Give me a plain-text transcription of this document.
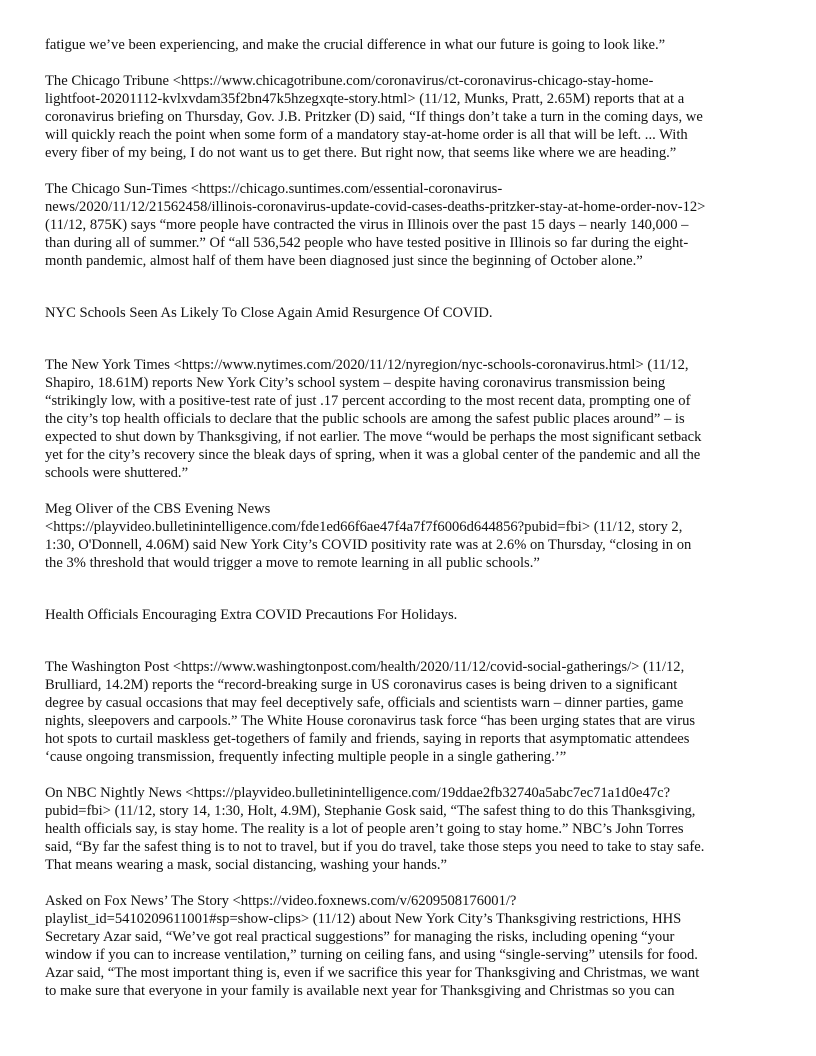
fatigue we’ve been experiencing, and make the crucial difference in what our future is going to look like.”

The Chicago Tribune <https://www.chicagotribune.com/coronavirus/ct-coronavirus-chicago-stay-home-
lightfoot-20201112-kvlxvdam35f2bn47k5hzegxqte-story.html> (11/12, Munks, Pratt, 2.65M) reports that at a
coronavirus briefing on Thursday, Gov. J.B. Pritzker (D) said, “If things don’t take a turn in the coming days, we
will quickly reach the point when some form of a mandatory stay-at-home order is all that will be left. ... With
every fiber of my being, I do not want us to get there. But right now, that seems like where we are heading.”

The Chicago Sun-Times <https://chicago.suntimes.com/essential-coronavirus-
news/2020/11/12/21562458/illinois-coronavirus-update-covid-cases-deaths-pritzker-stay-at-home-order-nov-12>
(11/12, 875K) says “more people have contracted the virus in Illinois over the past 15 days – nearly 140,000 –
than during all of summer.” Of “all 536,542 people who have tested positive in Illinois so far during the eight-
month pandemic, almost half of them have been diagnosed just since the beginning of October alone.”

NYC Schools Seen As Likely To Close Again Amid Resurgence Of COVID.

The New York Times <https://www.nytimes.com/2020/11/12/nyregion/nyc-schools-coronavirus.html> (11/12,
Shapiro, 18.61M) reports New York City’s school system – despite having coronavirus transmission being
“strikingly low, with a positive-test rate of just .17 percent according to the most recent data, prompting one of
the city’s top health officials to declare that the public schools are among the safest public places around” – is
expected to shut down by Thanksgiving, if not earlier. The move “would be perhaps the most significant setback
yet for the city’s recovery since the bleak days of spring, when it was a global center of the pandemic and all the
schools were shuttered.”

Meg Oliver of the CBS Evening News
<https://playvideo.bulletinintelligence.com/fde1ed66f6ae47f4a7f7f6006d644856?pubid=fbi> (11/12, story 2,
1:30, O'Donnell, 4.06M) said New York City’s COVID positivity rate was at 2.6% on Thursday, “closing in on
the 3% threshold that would trigger a move to remote learning in all public schools.”

Health Officials Encouraging Extra COVID Precautions For Holidays.

The Washington Post <https://www.washingtonpost.com/health/2020/11/12/covid-social-gatherings/> (11/12,
Brulliard, 14.2M) reports the “record-breaking surge in US coronavirus cases is being driven to a significant
degree by casual occasions that may feel deceptively safe, officials and scientists warn – dinner parties, game
nights, sleepovers and carpools.” The White House coronavirus task force “has been urging states that are virus
hot spots to curtail maskless get-togethers of family and friends, saying in reports that asymptomatic attendees
‘cause ongoing transmission, frequently infecting multiple people in a single gathering.’”

On NBC Nightly News <https://playvideo.bulletinintelligence.com/19ddae2fb32740a5abc7ec71a1d0e47c?
pubid=fbi> (11/12, story 14, 1:30, Holt, 4.9M), Stephanie Gosk said, “The safest thing to do this Thanksgiving,
health officials say, is stay home. The reality is a lot of people aren’t going to stay home.” NBC’s John Torres
said, “By far the safest thing is to not to travel, but if you do travel, take those steps you need to take to stay safe.
That means wearing a mask, social distancing, washing your hands.”

Asked on Fox News’ The Story <https://video.foxnews.com/v/6209508176001/?
playlist_id=5410209611001#sp=show-clips> (11/12) about New York City’s Thanksgiving restrictions, HHS
Secretary Azar said, “We’ve got real practical suggestions” for managing the risks, including opening “your
window if you can to increase ventilation,” turning on ceiling fans, and using “single-serving” utensils for food.
Azar said, “The most important thing is, even if we sacrifice this year for Thanksgiving and Christmas, we want
to make sure that everyone in your family is available next year for Thanksgiving and Christmas so you can
